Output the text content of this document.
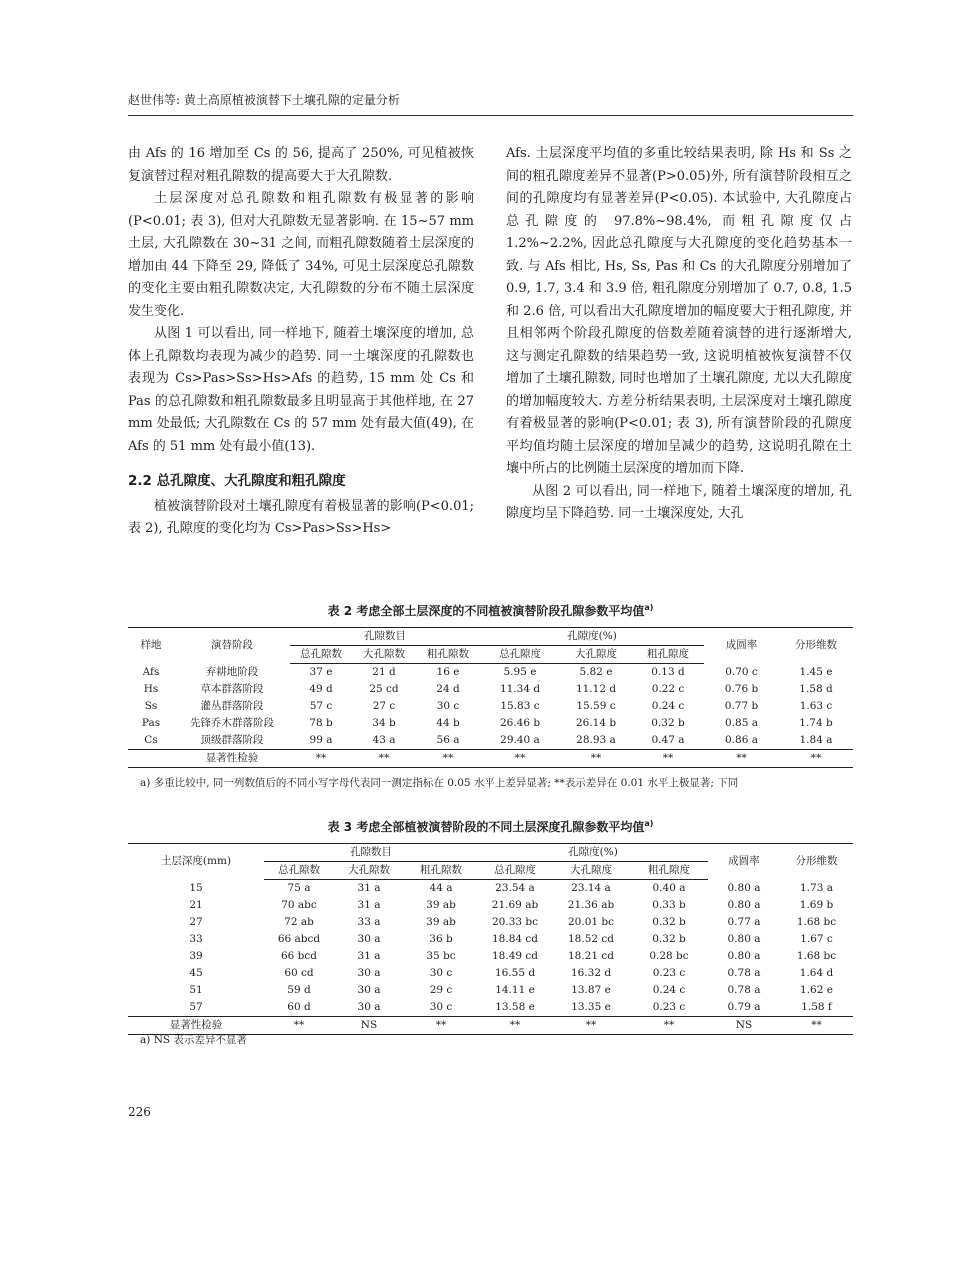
赵世伟等: 黄土高原植被演替下土壤孔隙的定量分析

由 Afs 的 16 增加至 Cs 的 56, 提高了 250%, 可见植被恢复演替过程对粗孔隙数的提高要大于大孔隙数.

土层深度对总孔隙数和粗孔隙数有极显著的影响(P<0.01; 表 3), 但对大孔隙数无显著影响. 在 15~57 mm 土层, 大孔隙数在 30~31 之间, 而粗孔隙数随着土层深度的增加由 44 下降至 29, 降低了 34%, 可见土层深度总孔隙数的变化主要由粗孔隙数决定, 大孔隙数的分布不随土层深度发生变化.

从图 1 可以看出, 同一样地下, 随着土壤深度的增加, 总体上孔隙数均表现为减少的趋势. 同一土壤深度的孔隙数也表现为 Cs>Pas>Ss>Hs>Afs 的趋势, 15 mm 处 Cs 和 Pas 的总孔隙数和粗孔隙数最多且明显高于其他样地, 在 27 mm 处最低; 大孔隙数在 Cs 的 57 mm 处有最大值(49), 在 Afs 的 51 mm 处有最小值(13).

2.2 总孔隙度、大孔隙度和粗孔隙度

植被演替阶段对土壤孔隙度有着极显著的影响(P<0.01; 表 2), 孔隙度的变化均为 Cs>Pas>Ss>Hs>

Afs. 土层深度平均值的多重比较结果表明, 除 Hs 和 Ss 之间的粗孔隙度差异不显著(P>0.05)外, 所有演替阶段相互之间的孔隙度均有显著差异(P<0.05). 本试验中, 大孔隙度占总孔隙度的 97.8%~98.4%, 而粗孔隙度仅占 1.2%~2.2%, 因此总孔隙度与大孔隙度的变化趋势基本一致. 与 Afs 相比, Hs, Ss, Pas 和 Cs 的大孔隙度分别增加了 0.9, 1.7, 3.4 和 3.9 倍, 粗孔隙度分别增加了 0.7, 0.8, 1.5 和 2.6 倍, 可以看出大孔隙度增加的幅度要大于粗孔隙度, 并且相邻两个阶段孔隙度的倍数差随着演替的进行逐渐增大, 这与测定孔隙数的结果趋势一致, 这说明植被恢复演替不仅增加了土壤孔隙数, 同时也增加了土壤孔隙度, 尤以大孔隙度的增加幅度较大. 方差分析结果表明, 土层深度对土壤孔隙度有着极显著的影响(P<0.01; 表 3), 所有演替阶段的孔隙度平均值均随土层深度的增加呈减少的趋势, 这说明孔隙在土壤中所占的比例随土层深度的增加而下降.

从图 2 可以看出, 同一样地下, 随着土壤深度的增加, 孔隙度均呈下降趋势. 同一土壤深度处, 大孔

表 2 考虑全部土层深度的不同植被演替阶段孔隙参数平均值$^{a)}$
样地	演替阶段	孔隙数目			孔隙度(%)			成圆率	分形维数
		总孔隙数	大孔隙数	粗孔隙数	总孔隙度	大孔隙度	粗孔隙度		
Afs	弃耕地阶段	37 e	21 d	16 e	5.95 e	5.82 e	0.13 d	0.70 c	1.45 e
Hs	草本群落阶段	49 d	25 cd	24 d	11.34 d	11.12 d	0.22 c	0.76 b	1.58 d
Ss	灌丛群落阶段	57 c	27 c	30 c	15.83 c	15.59 c	0.24 c	0.77 b	1.63 c
Pas	先锋乔木群落阶段	78 b	34 b	44 b	26.46 b	26.14 b	0.32 b	0.85 a	1.74 b
Cs	顶级群落阶段	99 a	43 a	56 a	29.40 a	28.93 a	0.47 a	0.86 a	1.84 a
	显著性检验	**	**	**	**	**	**	**	**
a) 多重比较中, 同一列数值后的不同小写字母代表同一测定指标在 0.05 水平上差异显著; **表示差异在 0.01 水平上极显著; 下同
表 3 考虑全部植被演替阶段的不同土层深度孔隙参数平均值$^{a)}$
土层深度(mm)	孔隙数目			孔隙度(%)			成圆率	分形维数
	总孔隙数	大孔隙数	粗孔隙数	总孔隙度	大孔隙度	粗孔隙度		
15	75 a	31 a	44 a	23.54 a	23.14 a	0.40 a	0.80 a	1.73 a
21	70 abc	31 a	39 ab	21.69 ab	21.36 ab	0.33 b	0.80 a	1.69 b
27	72 ab	33 a	39 ab	20.33 bc	20.01 bc	0.32 b	0.77 a	1.68 bc
33	66 abcd	30 a	36 b	18.84 cd	18.52 cd	0.32 b	0.80 a	1.67 c
39	66 bcd	31 a	35 bc	18.49 cd	18.21 cd	0.28 bc	0.80 a	1.68 bc
45	60 cd	30 a	30 c	16.55 d	16.32 d	0.23 c	0.78 a	1.64 d
51	59 d	30 a	29 c	14.11 e	13.87 e	0.24 c	0.78 a	1.62 e
57	60 d	30 a	30 c	13.58 e	13.35 e	0.23 c	0.79 a	1.58 f
显著性检验	**	NS	**	**	**	**	NS	**
a) NS 表示差异不显著
226
